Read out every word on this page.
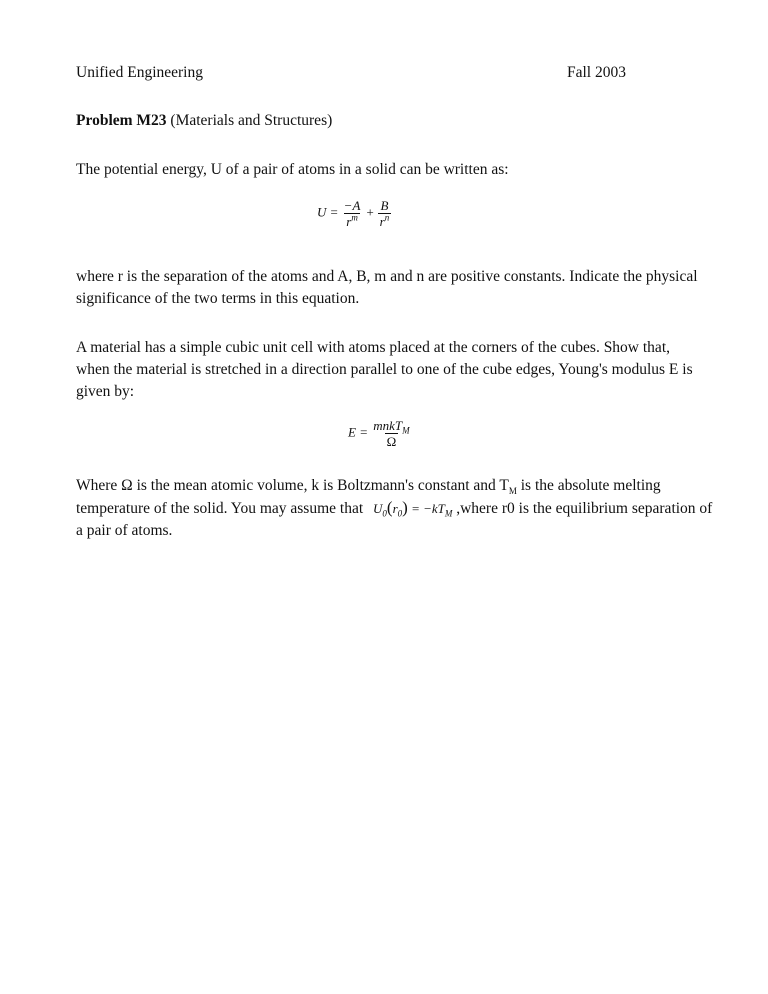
Unified Engineering	Fall 2003
Problem M23 (Materials and Structures)
The potential energy, U of a pair of atoms in a solid can be written as:
$U = \frac{-A}{r^m} + \frac{B}{r^n}$
where r is the separation of the atoms and A, B, m and n are positive constants. Indicate the physical significance of the two terms in this equation.
A material has a simple cubic unit cell with atoms placed at the corners of the cubes. Show that, when the material is stretched in a direction parallel to one of the cube edges, Young's modulus E is given by:
$E = \frac{mnkT_M}{\Omega}$
Where Ω is the mean atomic volume, k is Boltzmann's constant and $T_M$ is the absolute melting temperature of the solid. You may assume that $U_0(r_0) = -kT_M$ ,where r0 is the equilibrium separation of a pair of atoms.
